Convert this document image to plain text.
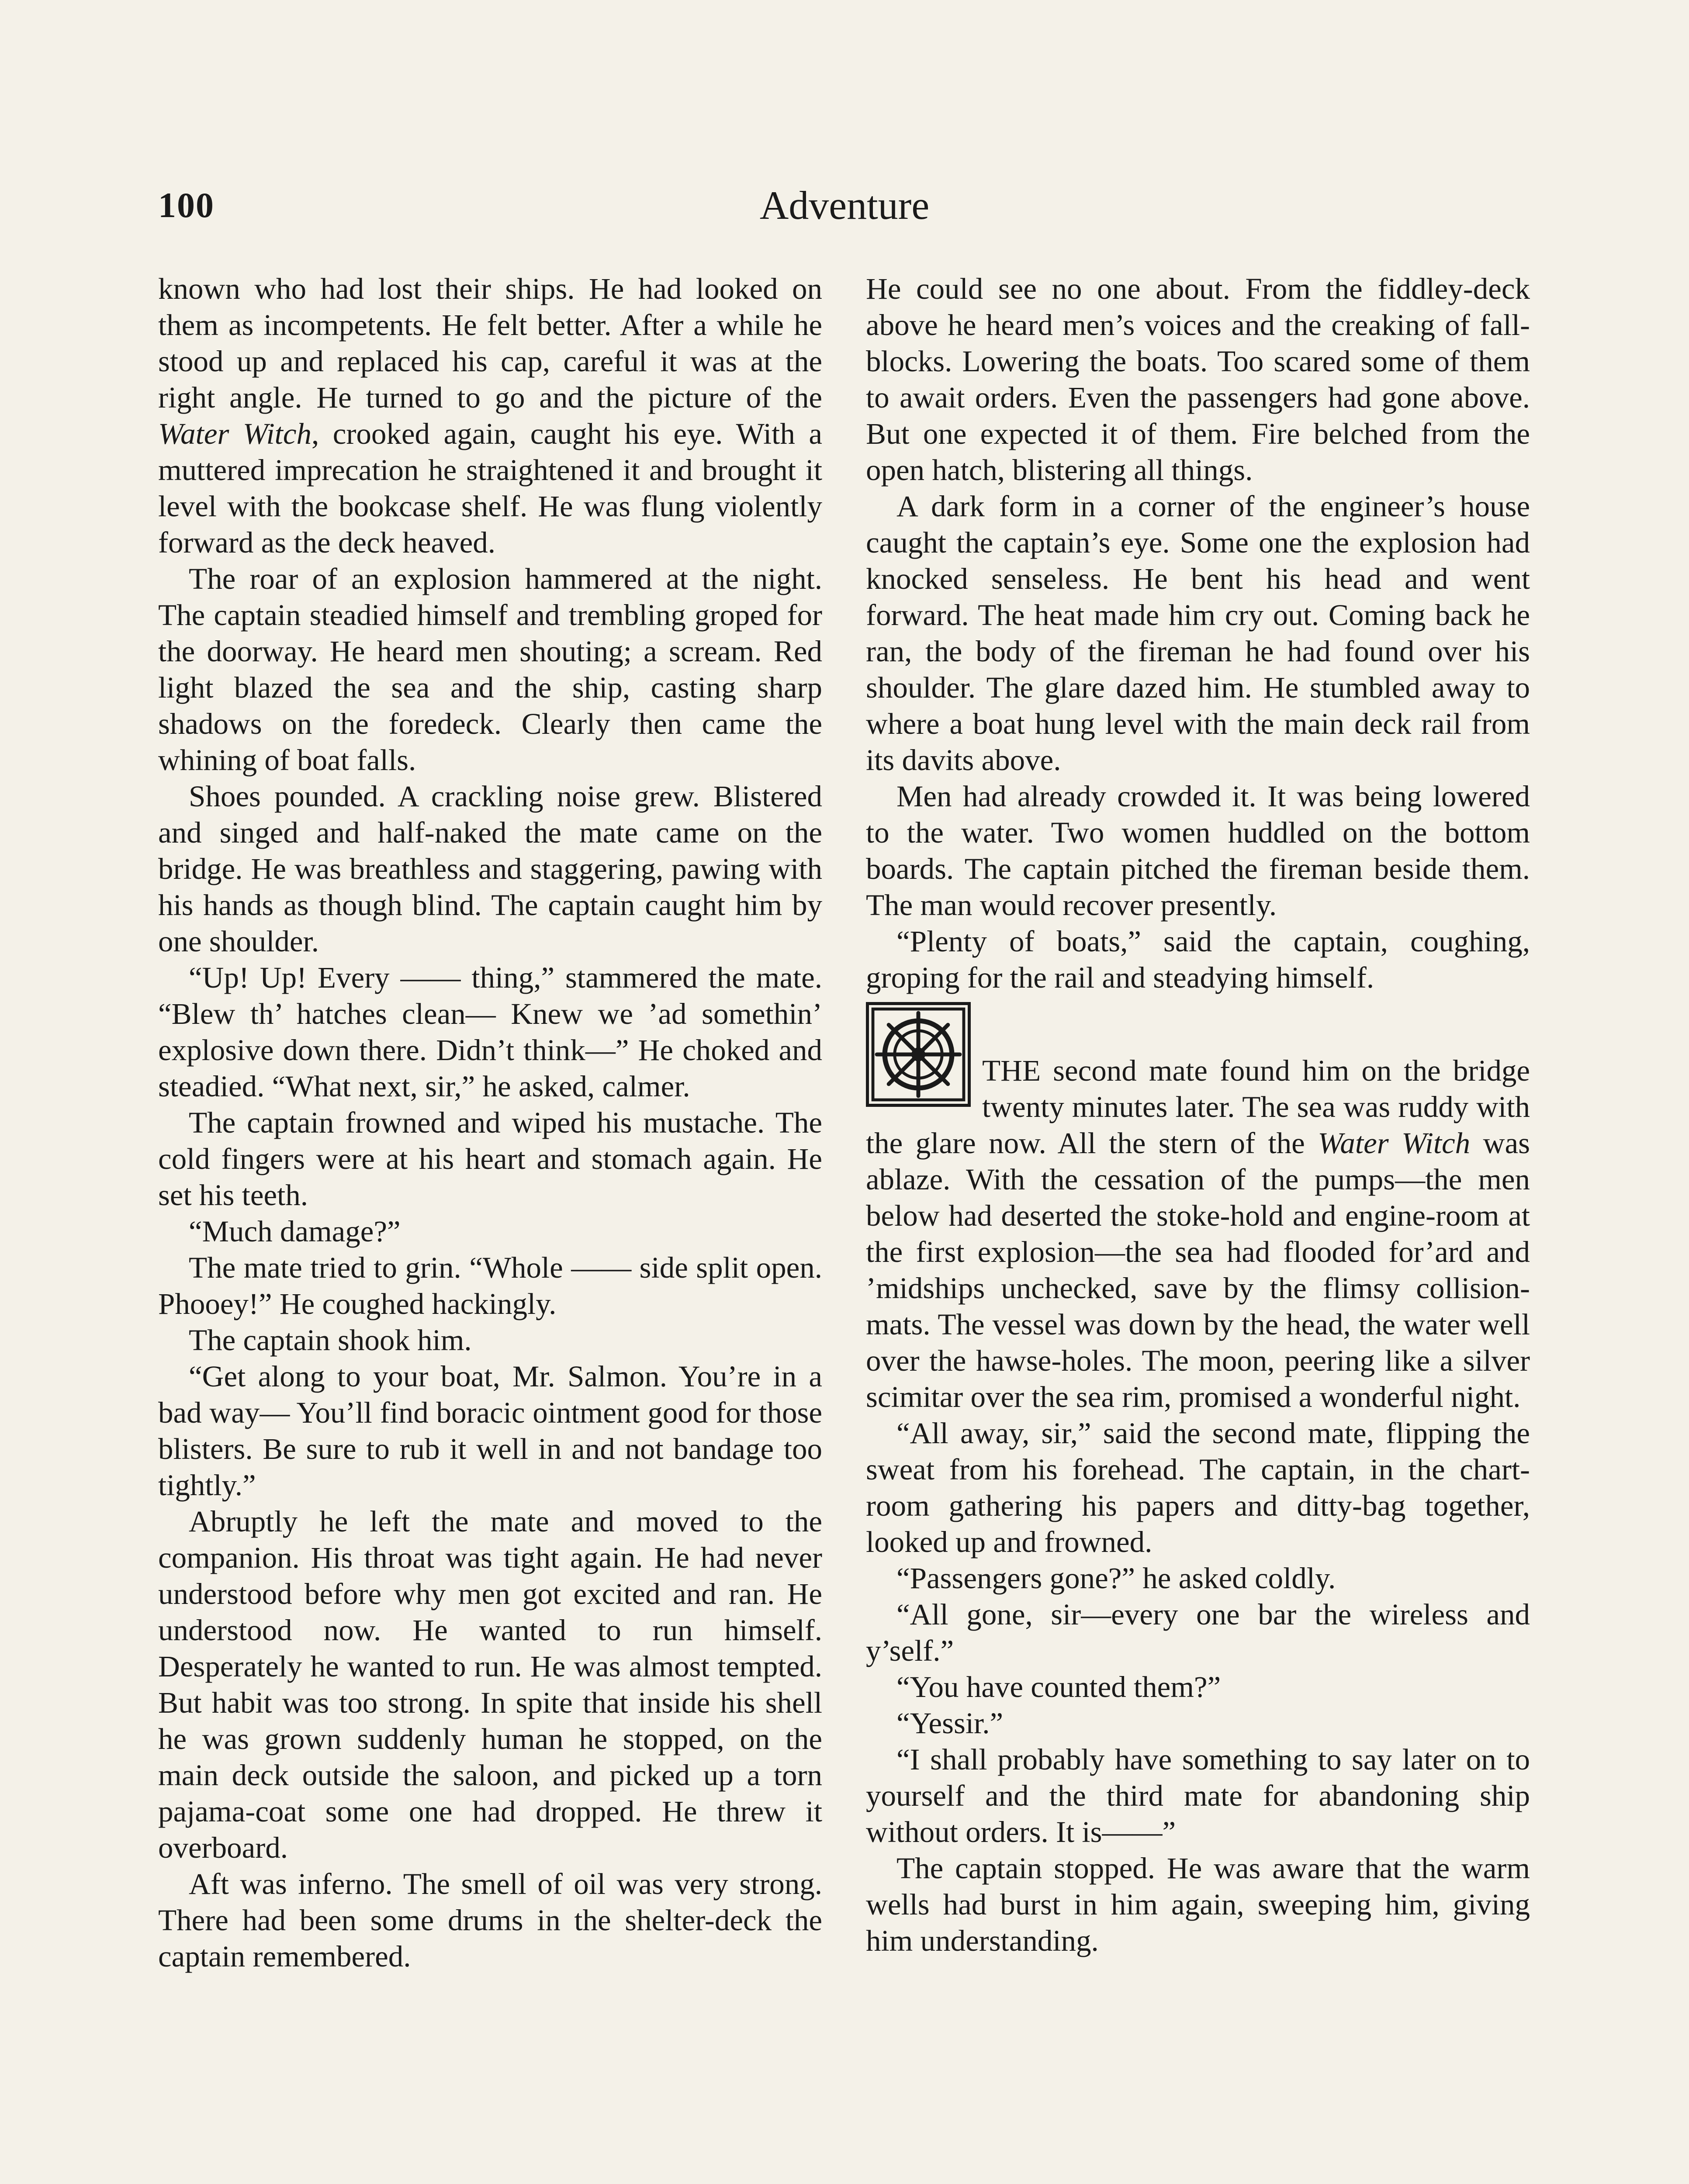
100	Adventure

known who had lost their ships. He had looked on them as incompetents. He felt better. After a while he stood up and replaced his cap, careful it was at the right angle. He turned to go and the picture of the Water Witch, crooked again, caught his eye. With a muttered imprecation he straightened it and brought it level with the bookcase shelf. He was flung violently forward as the deck heaved.

The roar of an explosion hammered at the night. The captain steadied himself and trembling groped for the doorway. He heard men shouting; a scream. Red light blazed the sea and the ship, casting sharp shadows on the foredeck. Clearly then came the whining of boat falls.

Shoes pounded. A crackling noise grew. Blistered and singed and half-naked the mate came on the bridge. He was breathless and staggering, pawing with his hands as though blind. The captain caught him by one shoulder.

“Up! Up! Every —— thing,” stammered the mate. “Blew th’ hatches clean— Knew we ’ad somethin’ explosive down there. Didn’t think—” He choked and steadied. “What next, sir,” he asked, calmer.

The captain frowned and wiped his mustache. The cold fingers were at his heart and stomach again. He set his teeth.

“Much damage?”

The mate tried to grin. “Whole —— side split open. Phooey!” He coughed hackingly.

The captain shook him.

“Get along to your boat, Mr. Salmon. You’re in a bad way— You’ll find boracic ointment good for those blisters. Be sure to rub it well in and not bandage too tightly.”

Abruptly he left the mate and moved to the companion. His throat was tight again. He had never understood before why men got excited and ran. He understood now. He wanted to run himself. Desperately he wanted to run. He was almost tempted. But habit was too strong. In spite that inside his shell he was grown suddenly human he stopped, on the main deck outside the saloon, and picked up a torn pajama-coat some one had dropped. He threw it overboard.

Aft was inferno. The smell of oil was very strong. There had been some drums in the shelter-deck the captain remembered.

He could see no one about. From the fiddley-deck above he heard men’s voices and the creaking of fall-blocks. Lowering the boats. Too scared some of them to await orders. Even the passengers had gone above. But one expected it of them. Fire belched from the open hatch, blistering all things.

A dark form in a corner of the engineer’s house caught the captain’s eye. Some one the explosion had knocked senseless. He bent his head and went forward. The heat made him cry out. Coming back he ran, the body of the fireman he had found over his shoulder. The glare dazed him. He stumbled away to where a boat hung level with the main deck rail from its davits above.

Men had already crowded it. It was being lowered to the water. Two women huddled on the bottom boards. The captain pitched the fireman beside them. The man would recover presently.

“Plenty of boats,” said the captain, coughing, groping for the rail and steadying himself.

THE second mate found him on the bridge twenty minutes later. The sea was ruddy with the glare now. All the stern of the Water Witch was ablaze. With the cessation of the pumps—the men below had deserted the stoke-hold and engine-room at the first explosion—the sea had flooded for’ard and ’midships unchecked, save by the flimsy collision-mats. The vessel was down by the head, the water well over the hawse-holes. The moon, peering like a silver scimitar over the sea rim, promised a wonderful night.

“All away, sir,” said the second mate, flipping the sweat from his forehead. The captain, in the chart-room gathering his papers and ditty-bag together, looked up and frowned.

“Passengers gone?” he asked coldly.

“All gone, sir—every one bar the wireless and y’self.”

“You have counted them?”

“Yessir.”

“I shall probably have something to say later on to yourself and the third mate for abandoning ship without orders. It is——”

The captain stopped. He was aware that the warm wells had burst in him again, sweeping him, giving him understanding.
